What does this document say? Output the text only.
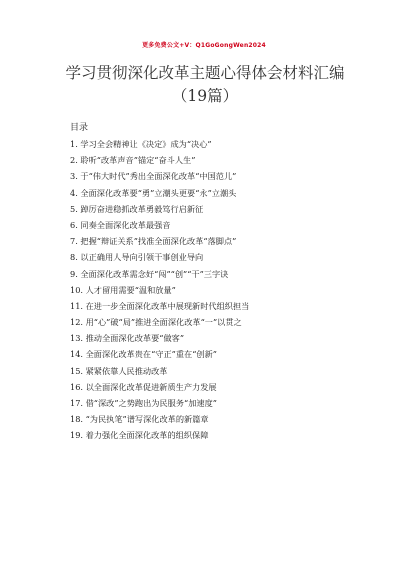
更多免费公文+V：Q1GoGongWen2024
学习贯彻深化改革主题心得体会材料汇编（19篇）
目录
1. 学习全会精神让《决定》成为“决心”
2. 聆听“改革声音”锚定“奋斗人生”
3. 于“伟大时代”秀出全面深化改革“中国范儿”
4. 全面深化改革要“勇”立潮头更要“永”立潮头
5. 踔厉奋进稳抓改革勇毅笃行启新征
6. 同奏全面深化改革最强音
7. 把握“辩证关系”找准全面深化改革“落脚点”
8. 以正确用人导向引领干事创业导向
9. 全面深化改革需念好“闯”“创”“干”三字诀
10. 人才留用需要“温和放量”
11. 在进一步全面深化改革中展现新时代组织担当
12. 用“心”破“局”推进全面深化改革“一”以贯之
13. 推动全面深化改革要“做客”
14. 全面深化改革贵在“守正”重在“创新”
15. 紧紧依靠人民推动改革
16. 以全面深化改革促进新质生产力发展
17. 借“深改”之势跑出为民服务“加速度”
18. “为民执笔”谱写深化改革的新篇章
19. 着力强化全面深化改革的组织保障
